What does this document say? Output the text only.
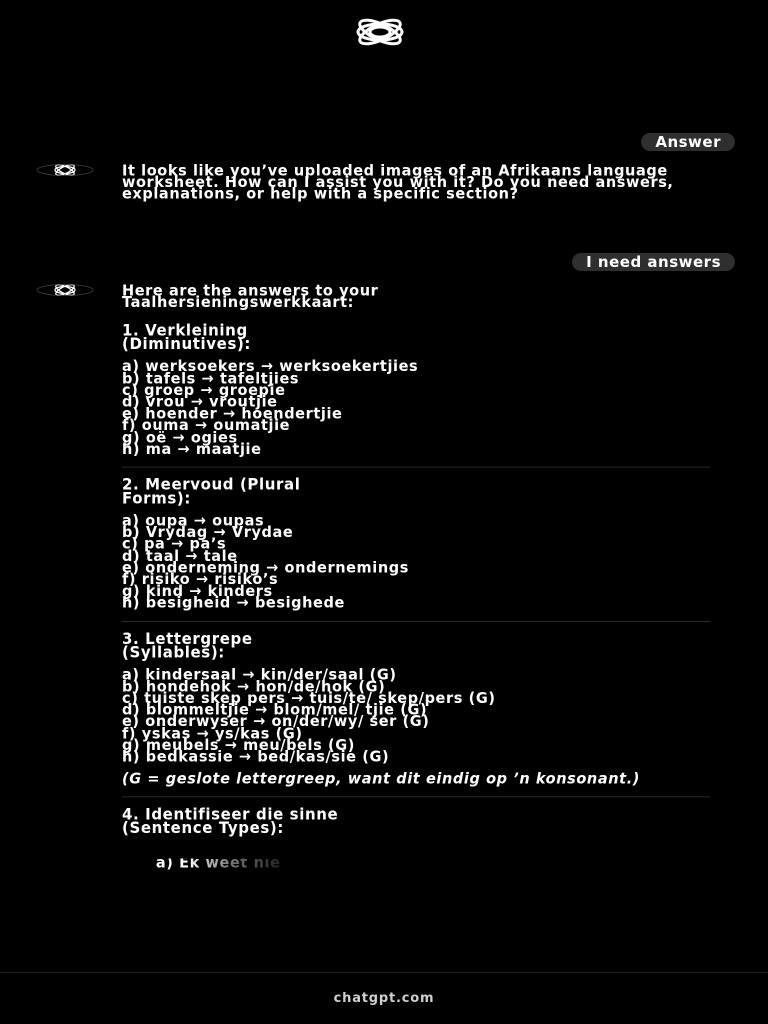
Answer
It looks like you’ve uploaded images of an Afrikaans language worksheet. How can I assist you with it? Do you need answers, explanations, or help with a specific section?
I need answers
Here are the answers to your
Taalhersieningswerkkaart:
1. Verkleining
(Diminutives):
a) werksoekers → werksoekertjies
b) tafels → tafeltjies
c) groep → groepie
d) vrou → vroutjie
e) hoender → hoendertjie
f) ouma → oumatjie
g) oë → ogies
h) ma → maatjie
2. Meervoud (Plural
Forms):
a) oupa → oupas
b) Vrydag → Vrydae
c) pa → pa’s
d) taal → tale
e) onderneming → ondernemings
f) risiko → risiko’s
g) kind → kinders
h) besigheid → besighede
3. Lettergrepe
(Syllables):
a) kindersaal → kin/der/saal (G)
b) hondehok → hon/de/hok (G)
c) tuiste skep pers → tuis/te/ skep/pers (G)
d) blommeltjie → blom/mel/ tjie (G)
e) onderwyser → on/der/wy/ ser (G)
f) yskas → ys/kas (G)
g) meubels → meu/bels (G)
h) bedkassie → bed/kas/sie (G)
(G = geslote lettergreep, want dit eindig op ’n konsonant.)
4. Identifiseer die sinne
(Sentence Types):

a) Ek weet nie

chatgpt.com
